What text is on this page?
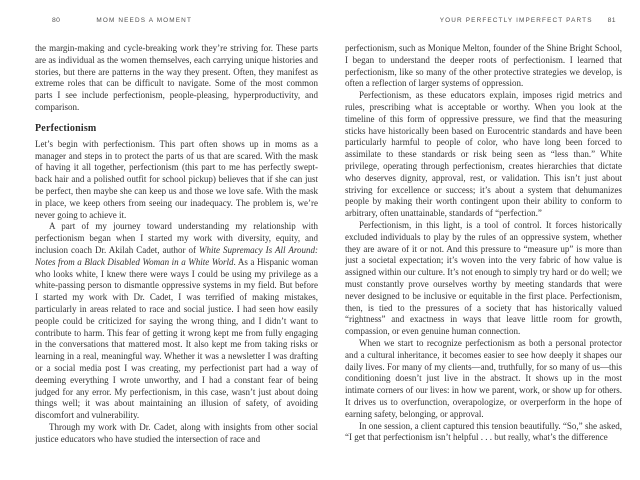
80	MOM NEEDS A MOMENT	YOUR PERFECTLY IMPERFECT PARTS 81

the margin-making and cycle-breaking work they’re striving for. These parts are as individual as the women themselves, each carrying unique histories and stories, but there are patterns in the way they present. Often, they manifest as extreme roles that can be difficult to navigate. Some of the most common parts I see include perfectionism, people-pleasing, hyperproductivity, and comparison.

Perfectionism

Let’s begin with perfectionism. This part often shows up in moms as a manager and steps in to protect the parts of us that are scared. With the mask of having it all together, perfectionism (this part to me has perfectly swept-back hair and a polished outfit for school pickup) believes that if she can just be perfect, then maybe she can keep us and those we love safe. With the mask in place, we keep others from seeing our inadequacy. The problem is, we’re never going to achieve it.

A part of my journey toward understanding my relationship with perfectionism began when I started my work with diversity, equity, and inclusion coach Dr. Akilah Cadet, author of White Supremacy Is All Around: Notes from a Black Disabled Woman in a White World. As a Hispanic woman who looks white, I knew there were ways I could be using my privilege as a white-passing person to dismantle oppressive systems in my field. But before I started my work with Dr. Cadet, I was terrified of making mistakes, particularly in areas related to race and social justice. I had seen how easily people could be criticized for saying the wrong thing, and I didn’t want to contribute to harm. This fear of getting it wrong kept me from fully engaging in the conversations that mattered most. It also kept me from taking risks or learning in a real, meaningful way. Whether it was a newsletter I was drafting or a social media post I was creating, my perfectionist part had a way of deeming everything I wrote unworthy, and I had a constant fear of being judged for any error. My perfectionism, in this case, wasn’t just about doing things well; it was about maintaining an illusion of safety, of avoiding discomfort and vulnerability.

Through my work with Dr. Cadet, along with insights from other social justice educators who have studied the intersection of race and

perfectionism, such as Monique Melton, founder of the Shine Bright School, I began to understand the deeper roots of perfectionism. I learned that perfectionism, like so many of the other protective strategies we develop, is often a reflection of larger systems of oppression.

Perfectionism, as these educators explain, imposes rigid metrics and rules, prescribing what is acceptable or worthy. When you look at the timeline of this form of oppressive pressure, we find that the measuring sticks have historically been based on Eurocentric standards and have been particularly harmful to people of color, who have long been forced to assimilate to these standards or risk being seen as “less than.” White privilege, operating through perfectionism, creates hierarchies that dictate who deserves dignity, approval, rest, or validation. This isn’t just about striving for excellence or success; it’s about a system that dehumanizes people by making their worth contingent upon their ability to conform to arbitrary, often unattainable, standards of “perfection.”

Perfectionism, in this light, is a tool of control. It forces historically excluded individuals to play by the rules of an oppressive system, whether they are aware of it or not. And this pressure to “measure up” is more than just a societal expectation; it’s woven into the very fabric of how value is assigned within our culture. It’s not enough to simply try hard or do well; we must constantly prove ourselves worthy by meeting standards that were never designed to be inclusive or equitable in the first place. Perfectionism, then, is tied to the pressures of a society that has historically valued “rightness” and exactness in ways that leave little room for growth, compassion, or even genuine human connection.

When we start to recognize perfectionism as both a personal protector and a cultural inheritance, it becomes easier to see how deeply it shapes our daily lives. For many of my clients—and, truthfully, for so many of us—this conditioning doesn’t just live in the abstract. It shows up in the most intimate corners of our lives: in how we parent, work, or show up for others. It drives us to overfunction, overapologize, or overperform in the hope of earning safety, belonging, or approval.

In one session, a client captured this tension beautifully. “So,” she asked, “I get that perfectionism isn’t helpful . . . but really, what’s the difference
